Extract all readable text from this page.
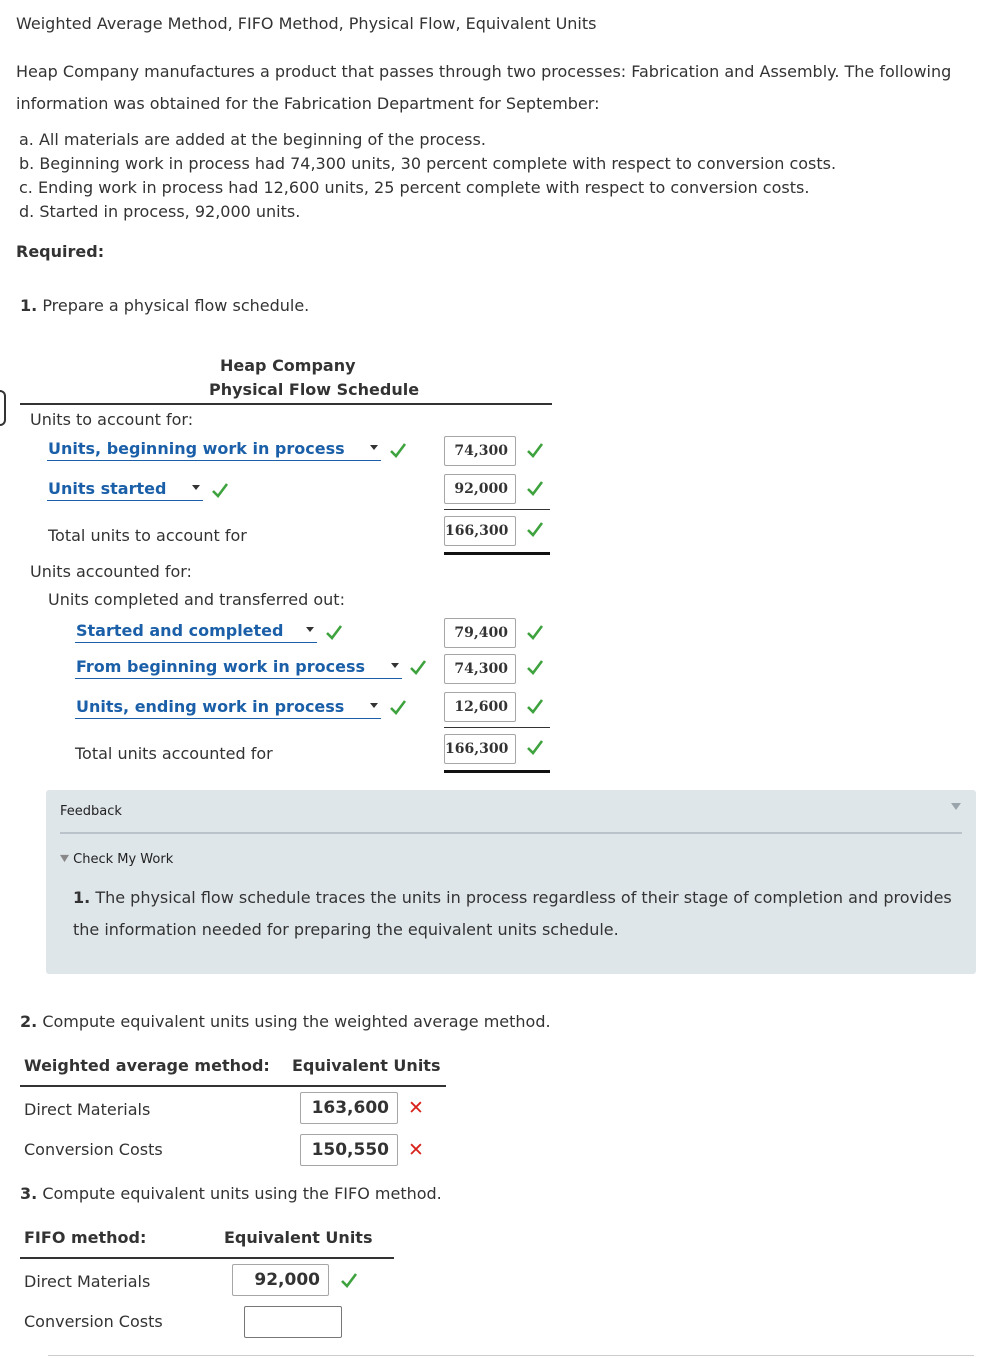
Weighted Average Method, FIFO Method, Physical Flow, Equivalent Units
Heap Company manufactures a product that passes through two processes: Fabrication and Assembly. The following
information was obtained for the Fabrication Department for September:
a. All materials are added at the beginning of the process.
b. Beginning work in process had 74,300 units, 30 percent complete with respect to conversion costs.
c. Ending work in process had 12,600 units, 25 percent complete with respect to conversion costs.
d. Started in process, 92,000 units.
Required:
1. Prepare a physical flow schedule.
Heap Company
Physical Flow Schedule
Units to account for:
Units, beginning work in process	74,300
Units started	92,000
Total units to account for	166,300
Units accounted for:
Units completed and transferred out:
Started and completed	79,400
From beginning work in process	74,300
Units, ending work in process	12,600
Total units accounted for	166,300
Feedback
Check My Work
1. The physical flow schedule traces the units in process regardless of their stage of completion and provides
the information needed for preparing the equivalent units schedule.
2. Compute equivalent units using the weighted average method.
Weighted average method: Equivalent Units
Direct Materials	163,600	✕
Conversion Costs	150,550	✕
3. Compute equivalent units using the FIFO method.
FIFO method:	Equivalent Units
Direct Materials	92,000
Conversion Costs
